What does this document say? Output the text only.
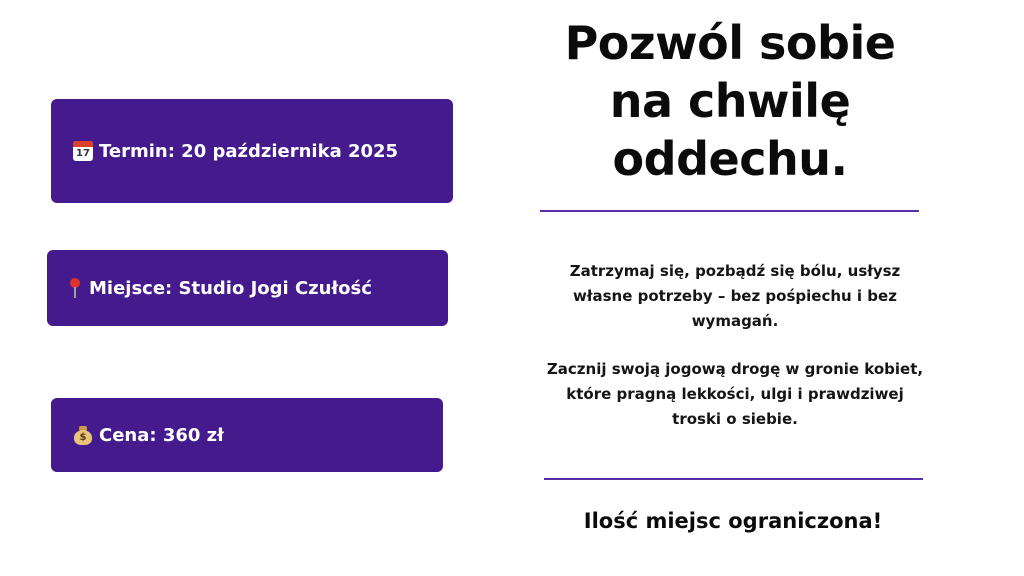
17 Termin: 20 października 2025
Miejsce: Studio Jogi Czułość
$ Cena: 360 zł
Pozwól sobie na chwilę oddechu.
Zatrzymaj się, pozbądź się bólu, usłysz własne potrzeby – bez pośpiechu i bez wymagań.
Zacznij swoją jogową drogę w gronie kobiet, które pragną lekkości, ulgi i prawdziwej troski o siebie.
Ilość miejsc ograniczona!
